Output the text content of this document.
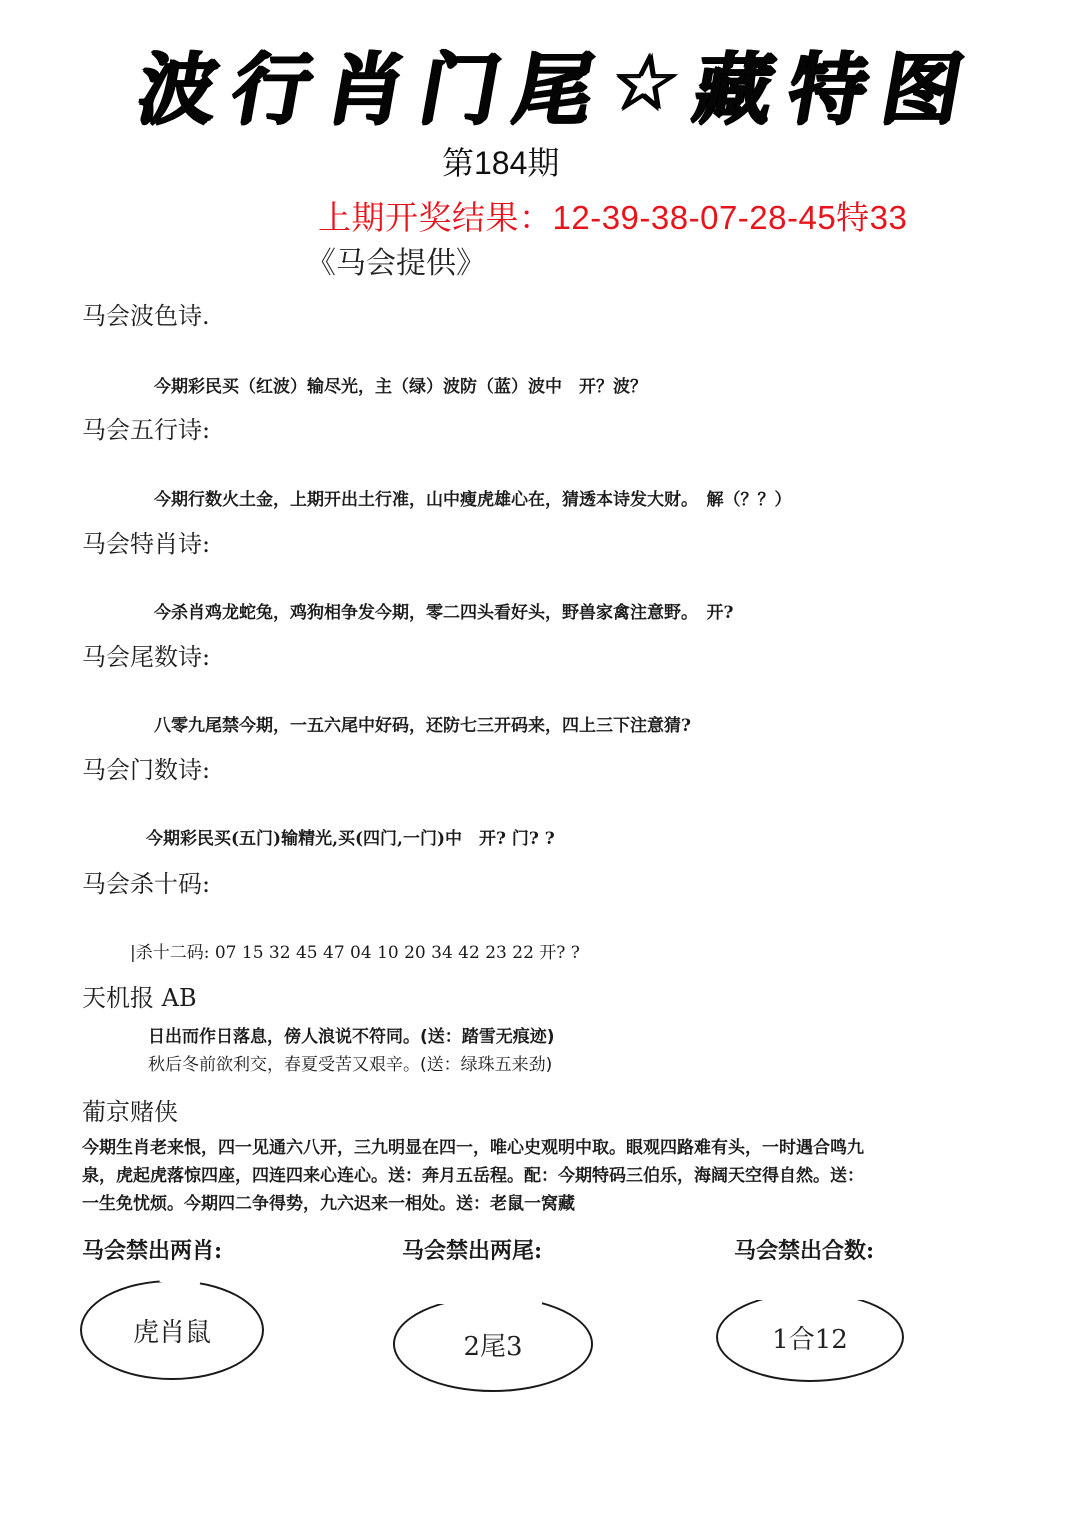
波
行
肖
门
尾
☆
藏
特
图
第184期
上期开奖结果：12-39-38-07-28-45特33
《马会提供》
马会波色诗.
今期彩民买（红波）输尽光，主（绿）波防（蓝）波中　开？波？
马会五行诗:
今期行数火土金，上期开出土行准，山中瘦虎雄心在，猜透本诗发大财。　解（？？）
马会特肖诗:
今杀肖鸡龙蛇兔，鸡狗相争发今期，零二四头看好头，野兽家禽注意野。　开?
马会尾数诗:
八零九尾禁今期，一五六尾中好码，还防七三开码来，四上三下注意猜?
马会门数诗:
今期彩民买(五门)输精光,买(四门,一门)中　开? 门? ?
马会杀十码:
|杀十二码: 07 15 32 45 47 04 10 20 34 42 23 22 开? ?
天机报 AB
日出而作日落息，傍人浪说不符同。(送：踏雪无痕迹)
秋后冬前欲利交，春夏受苦又艰辛。(送：绿珠五来劲)
葡京赌侠
今期生肖老来恨，四一见通六八开，三九明显在四一，唯心史观明中取。眼观四路难有头，一时遇合鸣九
泉，虎起虎落惊四座，四连四来心连心。送：奔月五岳程。配：今期特码三伯乐，海阔天空得自然。送：
一生免忧烦。今期四二争得势，九六迟来一相处。送：老鼠一窝藏
马会禁出两肖:	马会禁出两尾:	马会禁出合数:
虎肖鼠	2尾3	1合12
